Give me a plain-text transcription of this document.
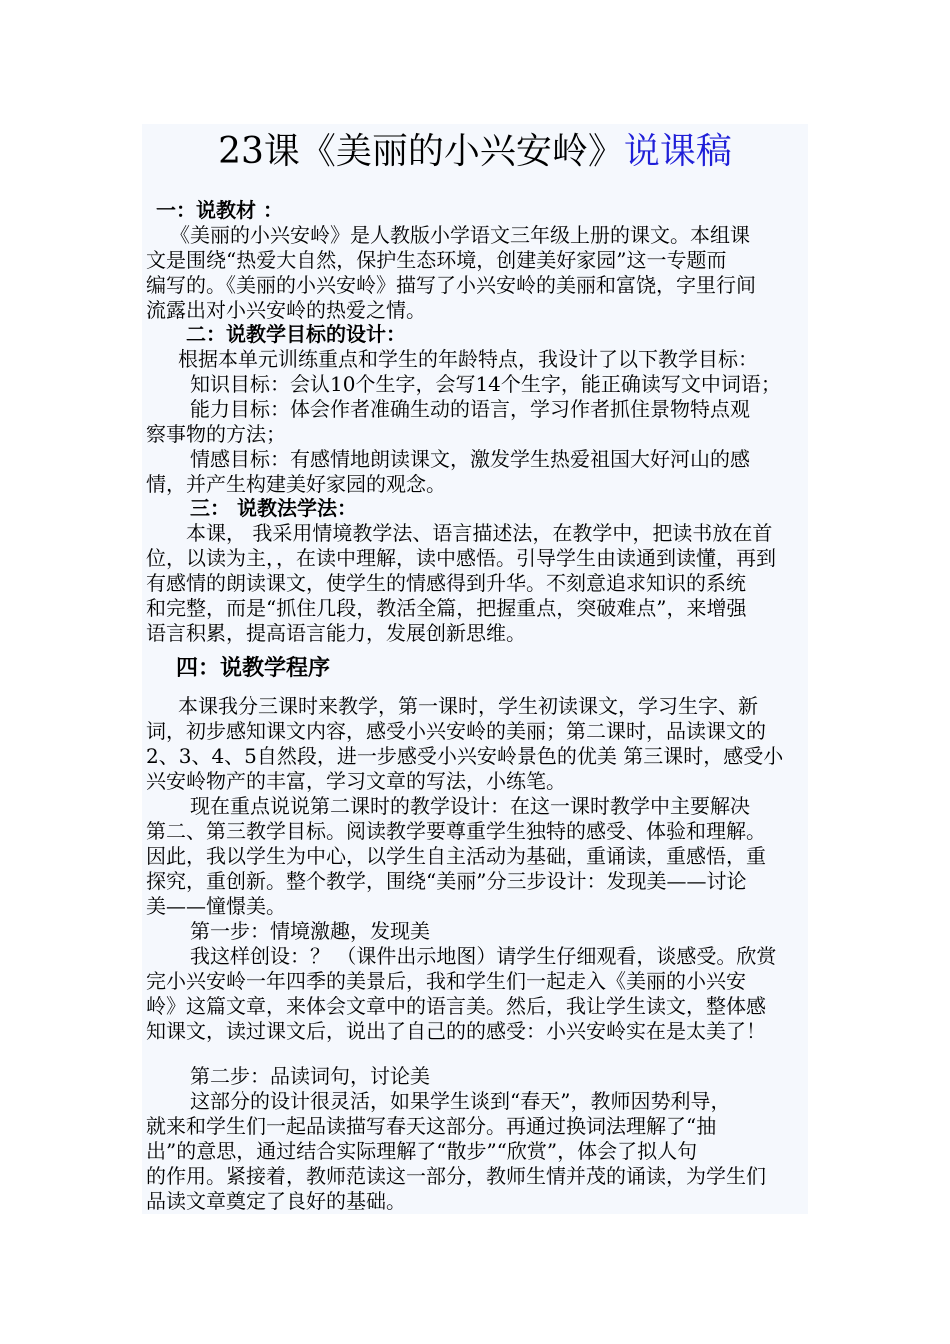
23课《美丽的小兴安岭》说课稿
一：说教材 ：
《美丽的小兴安岭》是人教版小学语文三年级上册的课文。本组课
文是围绕“热爱大自然，保护生态环境，创建美好家园”这一专题而
编写的。《美丽的小兴安岭》描写了小兴安岭的美丽和富饶，字里行间
流露出对小兴安岭的热爱之情。
二：说教学目标的设计：
根据本单元训练重点和学生的年龄特点，我设计了以下教学目标：
知识目标：会认10个生字，会写14个生字，能正确读写文中词语；
能力目标：体会作者准确生动的语言，学习作者抓住景物特点观
察事物的方法；
情感目标：有感情地朗读课文，激发学生热爱祖国大好河山的感
情，并产生构建美好家园的观念。
三： 说教法学法：
本课， 我采用情境教学法、语言描述法，在教学中，把读书放在首
位，以读为主，，在读中理解，读中感悟。引导学生由读通到读懂，再到
有感情的朗读课文，使学生的情感得到升华。不刻意追求知识的系统
和完整，而是“抓住几段，教活全篇，把握重点，突破难点”，来增强
语言积累，提高语言能力，发展创新思维。
四：说教学程序
本课我分三课时来教学，第一课时，学生初读课文，学习生字、新
词，初步感知课文内容，感受小兴安岭的美丽；第二课时，品读课文的
2、3、4、5自然段，进一步感受小兴安岭景色的优美 第三课时，感受小
兴安岭物产的丰富，学习文章的写法，小练笔。
现在重点说说第二课时的教学设计：在这一课时教学中主要解决
第二、第三教学目标。阅读教学要尊重学生独特的感受、体验和理解。
因此，我以学生为中心，以学生自主活动为基础，重诵读，重感悟，重
探究，重创新。整个教学，围绕“美丽”分三步设计：发现美——讨论
美——憧憬美。
第一步：情境激趣，发现美
我这样创设：？ （课件出示地图）请学生仔细观看，谈感受。欣赏
完小兴安岭一年四季的美景后，我和学生们一起走入《美丽的小兴安
岭》这篇文章，来体会文章中的语言美。然后，我让学生读文，整体感
知课文，读过课文后，说出了自己的的感受：小兴安岭实在是太美了！
第二步：品读词句，讨论美
这部分的设计很灵活，如果学生谈到“春天”，教师因势利导，
就来和学生们一起品读描写春天这部分。再通过换词法理解了“抽
出”的意思，通过结合实际理解了“散步”“欣赏”，体会了拟人句
的作用。紧接着，教师范读这一部分，教师生情并茂的诵读，为学生们
品读文章奠定了良好的基础。
